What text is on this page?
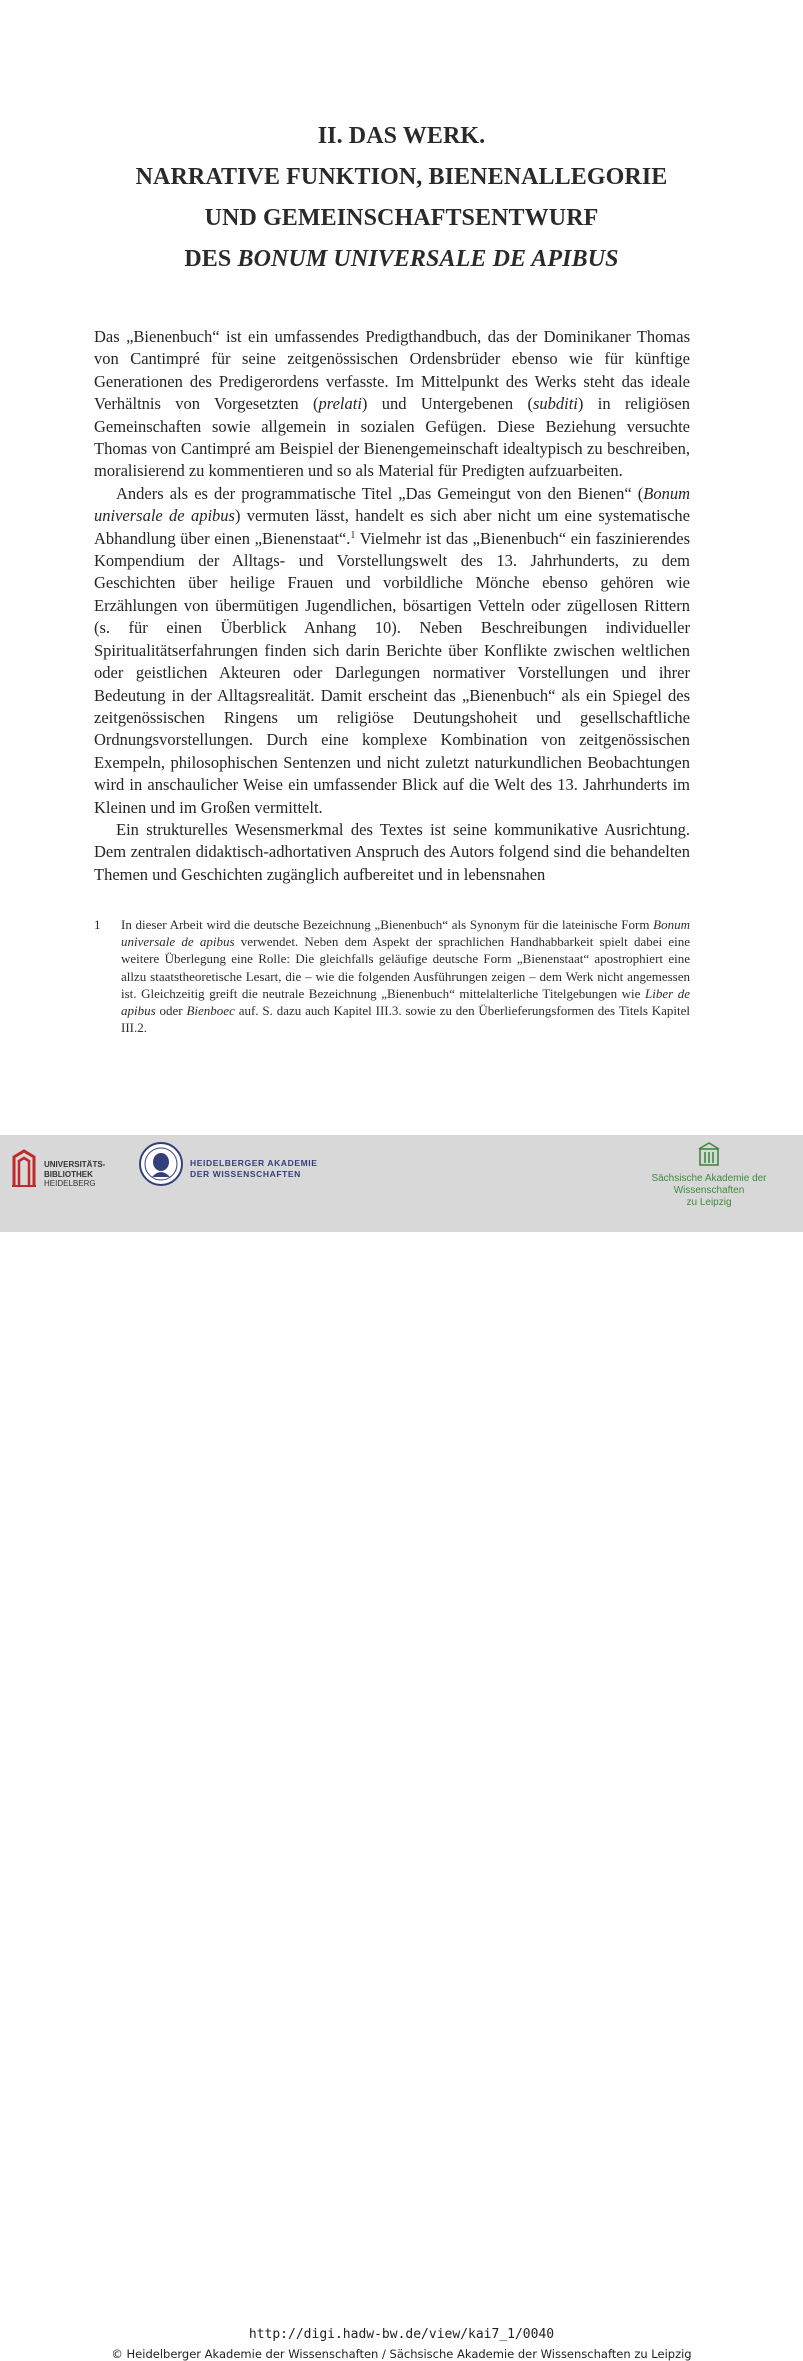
II. DAS WERK.
NARRATIVE FUNKTION, BIENENALLEGORIE
UND GEMEINSCHAFTSENTWURF
DES BONUM UNIVERSALE DE APIBUS

Das „Bienenbuch“ ist ein umfassendes Predigthandbuch, das der Dominikaner Thomas von Cantimpré für seine zeitgenössischen Ordensbrüder ebenso wie für künftige Generationen des Predigerordens verfasste. Im Mittelpunkt des Werks steht das ideale Verhältnis von Vorgesetzten (prelati) und Untergebenen (subditi) in religiösen Gemeinschaften sowie allgemein in sozialen Gefügen. Diese Beziehung versuchte Thomas von Cantimpré am Beispiel der Bienengemeinschaft idealtypisch zu beschreiben, moralisierend zu kommentieren und so als Material für Predigten aufzuarbeiten.

Anders als es der programmatische Titel „Das Gemeingut von den Bienen“ (Bonum universale de apibus) vermuten lässt, handelt es sich aber nicht um eine systematische Abhandlung über einen „Bienenstaat“.$^1$ Vielmehr ist das „Bienenbuch“ ein faszinierendes Kompendium der Alltags- und Vorstellungswelt des 13. Jahrhunderts, zu dem Geschichten über heilige Frauen und vorbildliche Mönche ebenso gehören wie Erzählungen von übermütigen Jugendlichen, bösartigen Vetteln oder zügellosen Rittern (s. für einen Überblick Anhang 10). Neben Beschreibungen individueller Spiritualitätserfahrungen finden sich darin Berichte über Konflikte zwischen weltlichen oder geistlichen Akteuren oder Darlegungen normativer Vorstellungen und ihrer Bedeutung in der Alltagsrealität. Damit erscheint das „Bienenbuch“ als ein Spiegel des zeitgenössischen Ringens um religiöse Deutungshoheit und gesellschaftliche Ordnungsvorstellungen. Durch eine komplexe Kombination von zeitgenössischen Exempeln, philosophischen Sentenzen und nicht zuletzt naturkundlichen Beobachtungen wird in anschaulicher Weise ein umfassender Blick auf die Welt des 13. Jahrhunderts im Kleinen und im Großen vermittelt.

Ein strukturelles Wesensmerkmal des Textes ist seine kommunikative Ausrichtung. Dem zentralen didaktisch-adhortativen Anspruch des Autors folgend sind die behandelten Themen und Geschichten zugänglich aufbereitet und in lebensnahen

1	In dieser Arbeit wird die deutsche Bezeichnung „Bienenbuch“ als Synonym für die lateinische Form Bonum universale de apibus verwendet. Neben dem Aspekt der sprachlichen Handhabbarkeit spielt dabei eine weitere Überlegung eine Rolle: Die gleichfalls geläufige deutsche Form „Bienenstaat“ apostrophiert eine allzu staatstheoretische Lesart, die – wie die folgenden Ausführungen zeigen – dem Werk nicht angemessen ist. Gleichzeitig greift die neutrale Bezeichnung „Bienenbuch“ mittelalterliche Titelgebungen wie Liber de apibus oder Bienboec auf. S. dazu auch Kapitel III.3. sowie zu den Überlieferungsformen des Titels Kapitel III.2.
UNIVERSITÄTS-
BIBLIOTHEK
HEIDELBERG
HEIDELBERGER AKADEMIE
DER WISSENSCHAFTEN	Sächsische Akademie der Wissenschaften
zu Leipzig
http://digi.hadw-bw.de/view/kai7_1/0040
© Heidelberger Akademie der Wissenschaften / Sächsische Akademie der Wissenschaften zu Leipzig
